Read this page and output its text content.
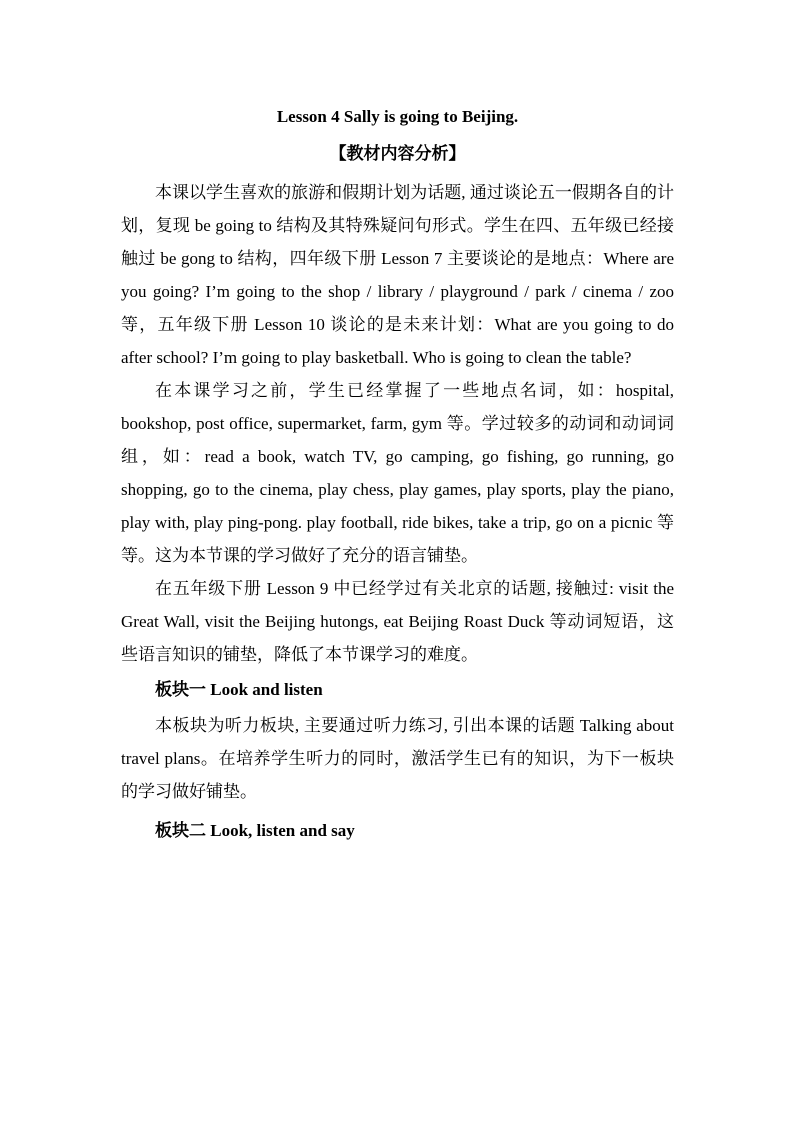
Lesson 4 Sally is going to Beijing.
【教材内容分析】

本课以学生喜欢的旅游和假期计划为话题, 通过谈论五一假期各自的计划，复现 be going to 结构及其特殊疑问句形式。学生在四、五年级已经接触过 be gong to 结构，四年级下册 Lesson 7 主要谈论的是地点：Where are you going? I’m going to the shop / library / playground / park / cinema / zoo 等，五年级下册 Lesson 10 谈论的是未来计划：What are you going to do after school? I’m going to play basketball. Who is going to clean the table?

在本课学习之前，学生已经掌握了一些地点名词，如：hospital, bookshop, post office, supermarket, farm, gym 等。学过较多的动词和动词词组，如：read a book, watch TV, go camping, go fishing, go running, go shopping, go to the cinema, play chess, play games, play sports, play the piano, play with, play ping-pong. play football, ride bikes, take a trip, go on a picnic 等等。这为本节课的学习做好了充分的语言铺垫。

在五年级下册 Lesson 9 中已经学过有关北京的话题, 接触过: visit the Great Wall, visit the Beijing hutongs, eat Beijing Roast Duck 等动词短语，这些语言知识的铺垫，降低了本节课学习的难度。

板块一 Look and listen

本板块为听力板块, 主要通过听力练习, 引出本课的话题 Talking about travel plans。在培养学生听力的同时，激活学生已有的知识，为下一板块的学习做好铺垫。

板块二 Look, listen and say
